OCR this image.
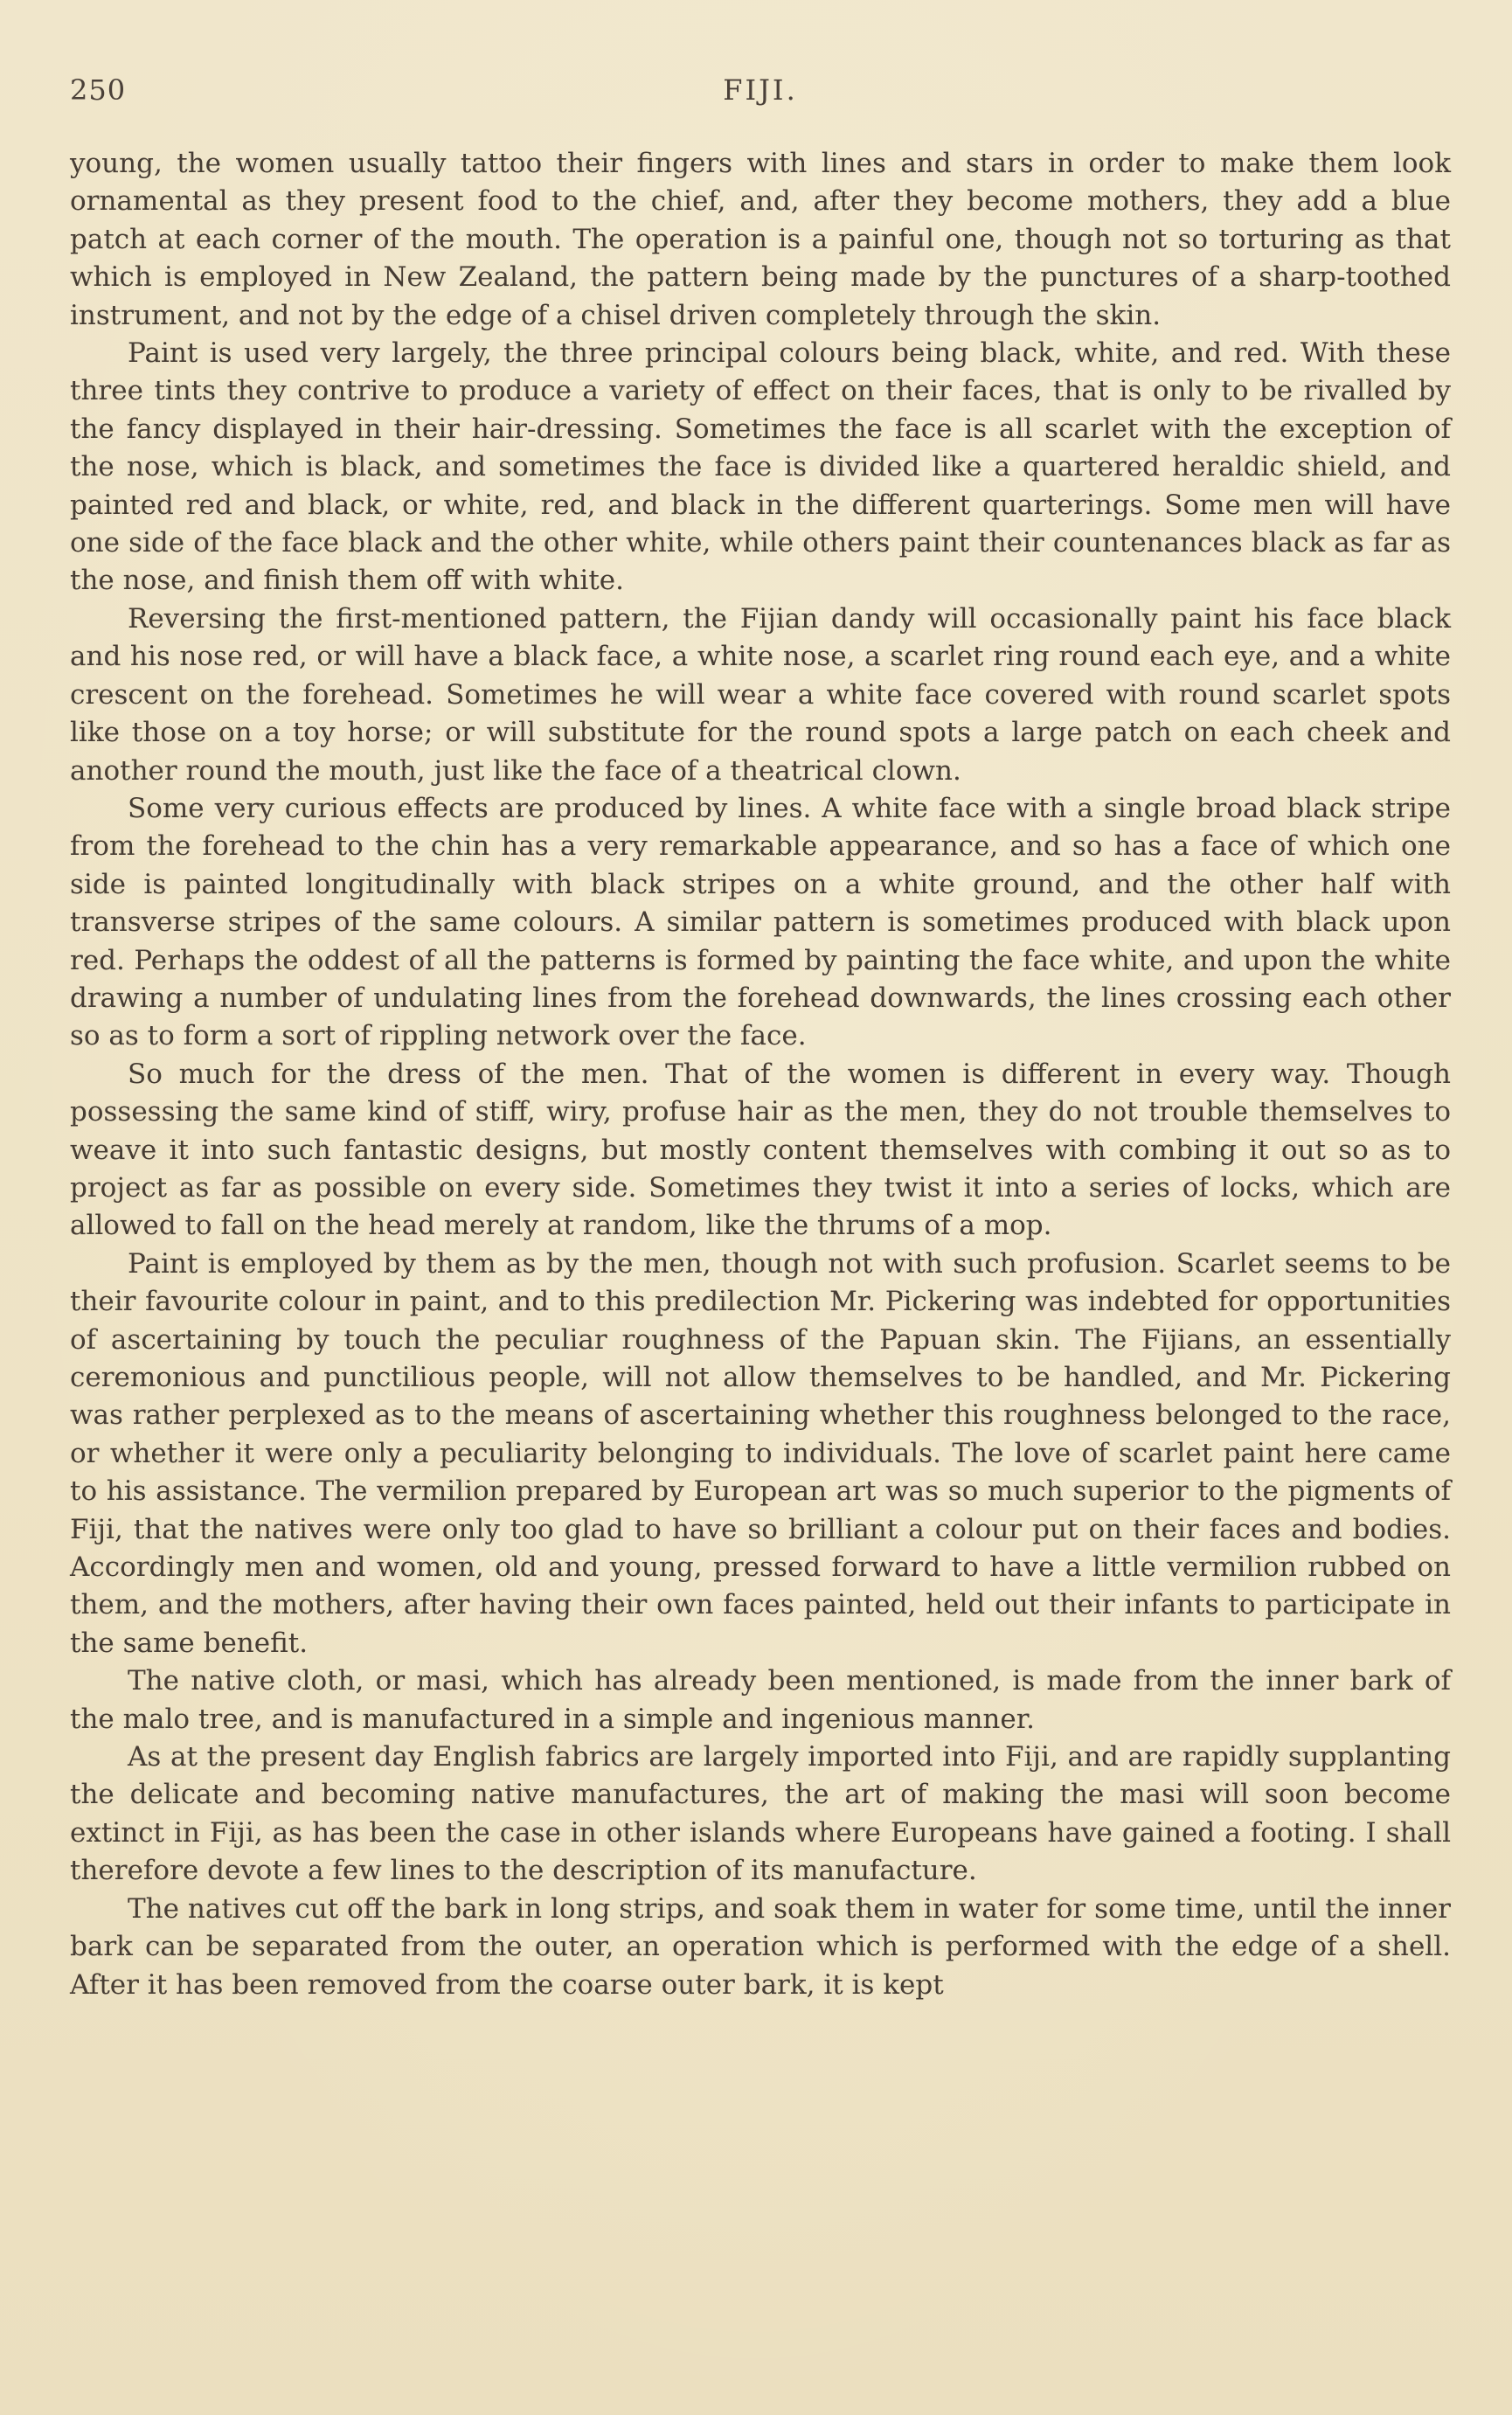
250	FIJI.

young, the women usually tattoo their fingers with lines and stars in order to make them look ornamental as they present food to the chief, and, after they become mothers, they add a blue patch at each corner of the mouth. The operation is a painful one, though not so torturing as that which is employed in New Zealand, the pattern being made by the punctures of a sharp-toothed instrument, and not by the edge of a chisel driven completely through the skin.

Paint is used very largely, the three principal colours being black, white, and red. With these three tints they contrive to produce a variety of effect on their faces, that is only to be rivalled by the fancy displayed in their hair-dressing. Sometimes the face is all scarlet with the exception of the nose, which is black, and sometimes the face is divided like a quartered heraldic shield, and painted red and black, or white, red, and black in the different quarterings. Some men will have one side of the face black and the other white, while others paint their countenances black as far as the nose, and finish them off with white.

Reversing the first-mentioned pattern, the Fijian dandy will occasionally paint his face black and his nose red, or will have a black face, a white nose, a scarlet ring round each eye, and a white crescent on the forehead. Sometimes he will wear a white face covered with round scarlet spots like those on a toy horse; or will substitute for the round spots a large patch on each cheek and another round the mouth, just like the face of a theatrical clown.

Some very curious effects are produced by lines. A white face with a single broad black stripe from the forehead to the chin has a very remarkable appearance, and so has a face of which one side is painted longitudinally with black stripes on a white ground, and the other half with transverse stripes of the same colours. A similar pattern is sometimes produced with black upon red. Perhaps the oddest of all the patterns is formed by painting the face white, and upon the white drawing a number of undulating lines from the forehead downwards, the lines crossing each other so as to form a sort of rippling network over the face.

So much for the dress of the men. That of the women is different in every way. Though possessing the same kind of stiff, wiry, profuse hair as the men, they do not trouble themselves to weave it into such fantastic designs, but mostly content themselves with combing it out so as to project as far as possible on every side. Sometimes they twist it into a series of locks, which are allowed to fall on the head merely at random, like the thrums of a mop.

Paint is employed by them as by the men, though not with such profusion. Scarlet seems to be their favourite colour in paint, and to this predilection Mr. Pickering was indebted for opportunities of ascertaining by touch the peculiar roughness of the Papuan skin. The Fijians, an essentially ceremonious and punctilious people, will not allow themselves to be handled, and Mr. Pickering was rather perplexed as to the means of ascertaining whether this roughness belonged to the race, or whether it were only a peculiarity belonging to individuals. The love of scarlet paint here came to his assistance. The vermilion prepared by European art was so much superior to the pigments of Fiji, that the natives were only too glad to have so brilliant a colour put on their faces and bodies. Accordingly men and women, old and young, pressed forward to have a little vermilion rubbed on them, and the mothers, after having their own faces painted, held out their infants to participate in the same benefit.

The native cloth, or masi, which has already been mentioned, is made from the inner bark of the malo tree, and is manufactured in a simple and ingenious manner.

As at the present day English fabrics are largely imported into Fiji, and are rapidly supplanting the delicate and becoming native manufactures, the art of making the masi will soon become extinct in Fiji, as has been the case in other islands where Europeans have gained a footing. I shall therefore devote a few lines to the description of its manufacture.

The natives cut off the bark in long strips, and soak them in water for some time, until the inner bark can be separated from the outer, an operation which is performed with the edge of a shell. After it has been removed from the coarse outer bark, it is kept
